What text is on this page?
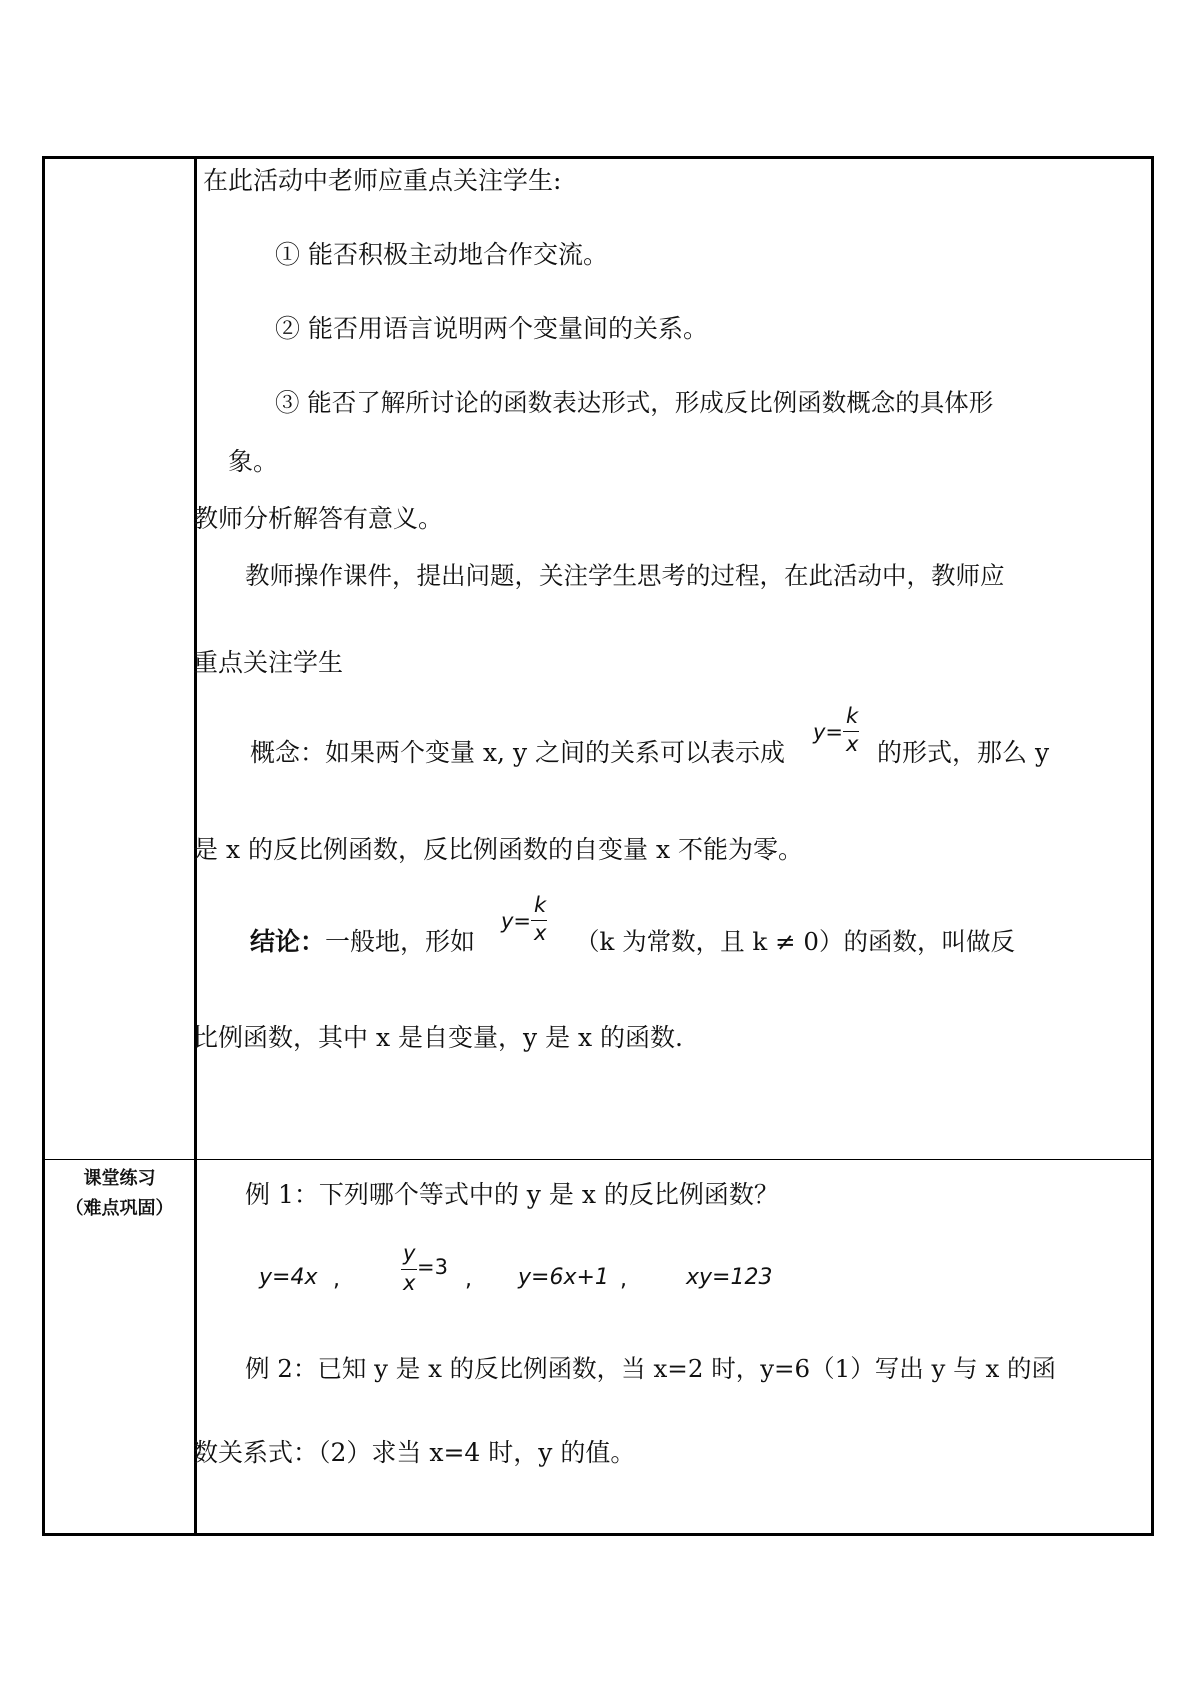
在此活动中老师应重点关注学生:
① 能否积极主动地合作交流。
② 能否用语言说明两个变量间的关系。
③ 能否了解所讨论的函数表达形式，形成反比例函数概念的具体形
象。
教师分析解答有意义。
教师操作课件，提出问题，关注学生思考的过程，在此活动中，教师应
重点关注学生
概念：如果两个变量 x, y 之间的关系可以表示成
y=
k
x 的形式，那么 y
是 x 的反比例函数，反比例函数的自变量 x 不能为零。
结论： 一般地，形如
y=
k
x （k 为常数，且 k ≠ 0）的函数，叫做反
比例函数，其中 x 是自变量，y 是 x 的函数.
课堂练习
（难点巩固）	例 1：下列哪个等式中的 y 是 x 的反比例函数？
y=4x ,
y
x
=3 , y=6x+1 ,	xy=123
例 2：已知 y 是 x 的反比例函数，当 x=2 时，y=6（1）写出 y 与 x 的函
数关系式：（2）求当 x=4 时，y 的值。
